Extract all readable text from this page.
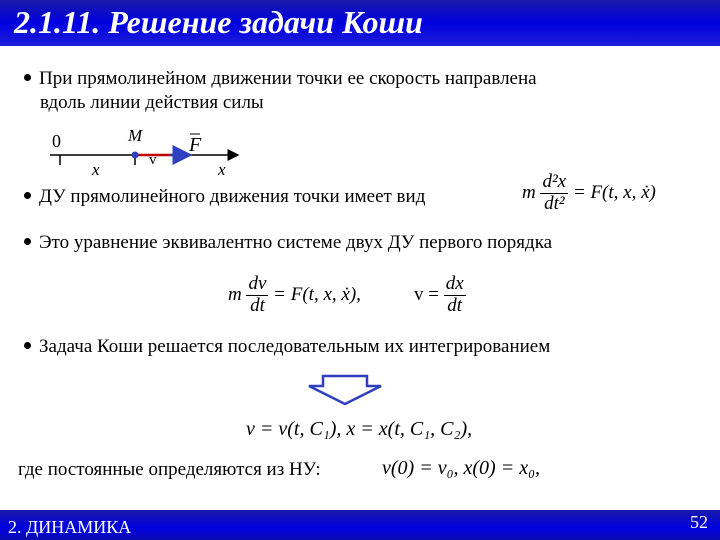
2.1.11. Решение задачи Коши
При прямолинейном движении точки ее скорость направлена
вдоль линии действия силы
0	M
x	v
F
x
ДУ прямолинейного движения точки имеет вид	m $\frac{\text{d²x}}{\text{dt²}} = F(t$, x, ẋ)
Это уравнение эквивалентно системе двух ДУ первого порядка
m $\frac{dv}{dt} = F(t$, x, ẋ),	$v = \frac{dx}{dt}$
Задача Коши решается последовательным их интегрированием
v = v(t, C₁), x = x(t, C₁, C₂),
где постоянные определяются из НУ:	v(0) = v₀, x(0) = x₀,
2. ДИНАМИКА	52
